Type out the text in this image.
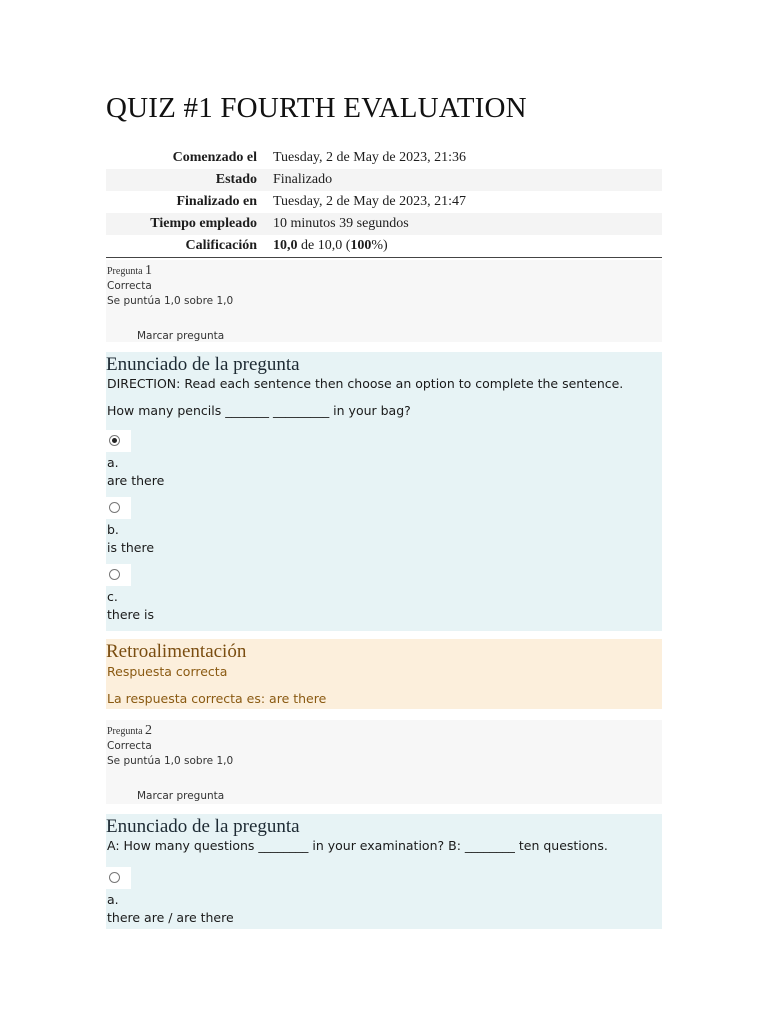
QUIZ #1 FOURTH EVALUATION
Comenzado el	Tuesday, 2 de May de 2023, 21:36
Estado	Finalizado
Finalizado en	Tuesday, 2 de May de 2023, 21:47
Tiempo empleado	10 minutos 39 segundos
Calificación	10,0 de 10,0 (100%)
Pregunta 1
Correcta
Se puntúa 1,0 sobre 1,0
Marcar pregunta
Enunciado de la pregunta
DIRECTION: Read each sentence then choose an option to complete the sentence.
How many pencils _______ _________ in your bag?
a.
are there
b.
is there
c.
there is
Retroalimentación
Respuesta correcta
La respuesta correcta es: are there
Pregunta 2
Correcta
Se puntúa 1,0 sobre 1,0
Marcar pregunta
Enunciado de la pregunta
A: How many questions ________ in your examination? B: ________ ten questions.
a.
there are / are there
